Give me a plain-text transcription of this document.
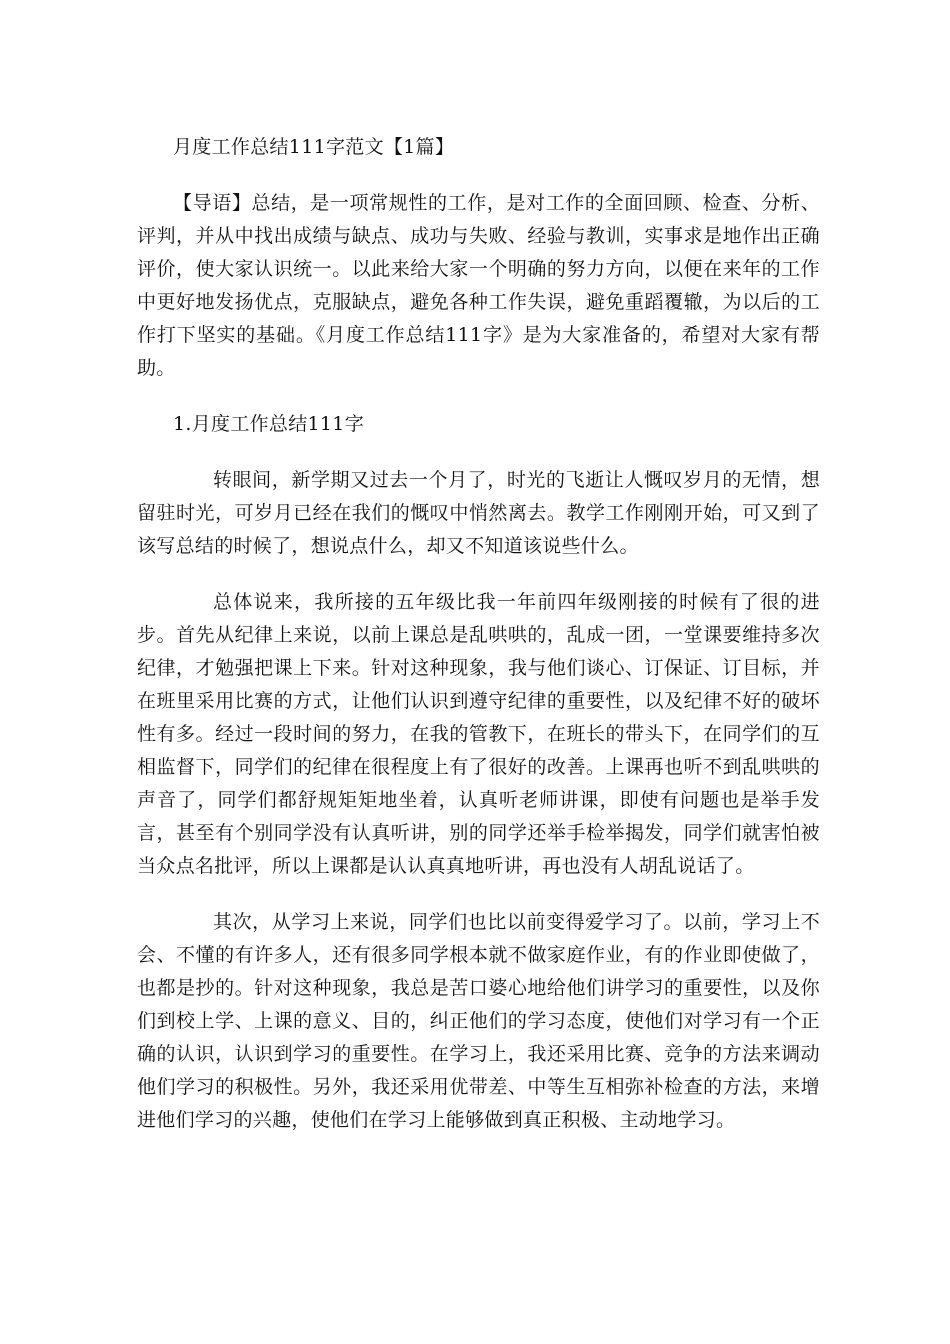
月度工作总结111字范文【1篇】

【导语】总结，是一项常规性的工作，是对工作的全面回顾、检查、分析、评判，并从中找出成绩与缺点、成功与失败、经验与教训，实事求是地作出正确评价，使大家认识统一。以此来给大家一个明确的努力方向，以便在来年的工作中更好地发扬优点，克服缺点，避免各种工作失误，避免重蹈覆辙，为以后的工作打下坚实的基础。《月度工作总结111字》是为大家准备的，希望对大家有帮助。

1.月度工作总结111字

转眼间，新学期又过去一个月了，时光的飞逝让人慨叹岁月的无情，想留驻时光，可岁月已经在我们的慨叹中悄然离去。教学工作刚刚开始，可又到了该写总结的时候了，想说点什么，却又不知道该说些什么。

总体说来，我所接的五年级比我一年前四年级刚接的时候有了很的进步。首先从纪律上来说，以前上课总是乱哄哄的，乱成一团，一堂课要维持多次纪律，才勉强把课上下来。针对这种现象，我与他们谈心、订保证、订目标，并在班里采用比赛的方式，让他们认识到遵守纪律的重要性，以及纪律不好的破坏性有多。经过一段时间的努力，在我的管教下，在班长的带头下，在同学们的互相监督下，同学们的纪律在很程度上有了很好的改善。上课再也听不到乱哄哄的声音了，同学们都舒规矩矩地坐着，认真听老师讲课，即使有问题也是举手发言，甚至有个别同学没有认真听讲，别的同学还举手检举揭发，同学们就害怕被当众点名批评，所以上课都是认认真真地听讲，再也没有人胡乱说话了。

其次，从学习上来说，同学们也比以前变得爱学习了。以前，学习上不会、不懂的有许多人，还有很多同学根本就不做家庭作业，有的作业即使做了，也都是抄的。针对这种现象，我总是苦口婆心地给他们讲学习的重要性，以及你们到校上学、上课的意义、目的，纠正他们的学习态度，使他们对学习有一个正确的认识，认识到学习的重要性。在学习上，我还采用比赛、竞争的方法来调动他们学习的积极性。另外，我还采用优带差、中等生互相弥补检查的方法，来增进他们学习的兴趣，使他们在学习上能够做到真正积极、主动地学习。
